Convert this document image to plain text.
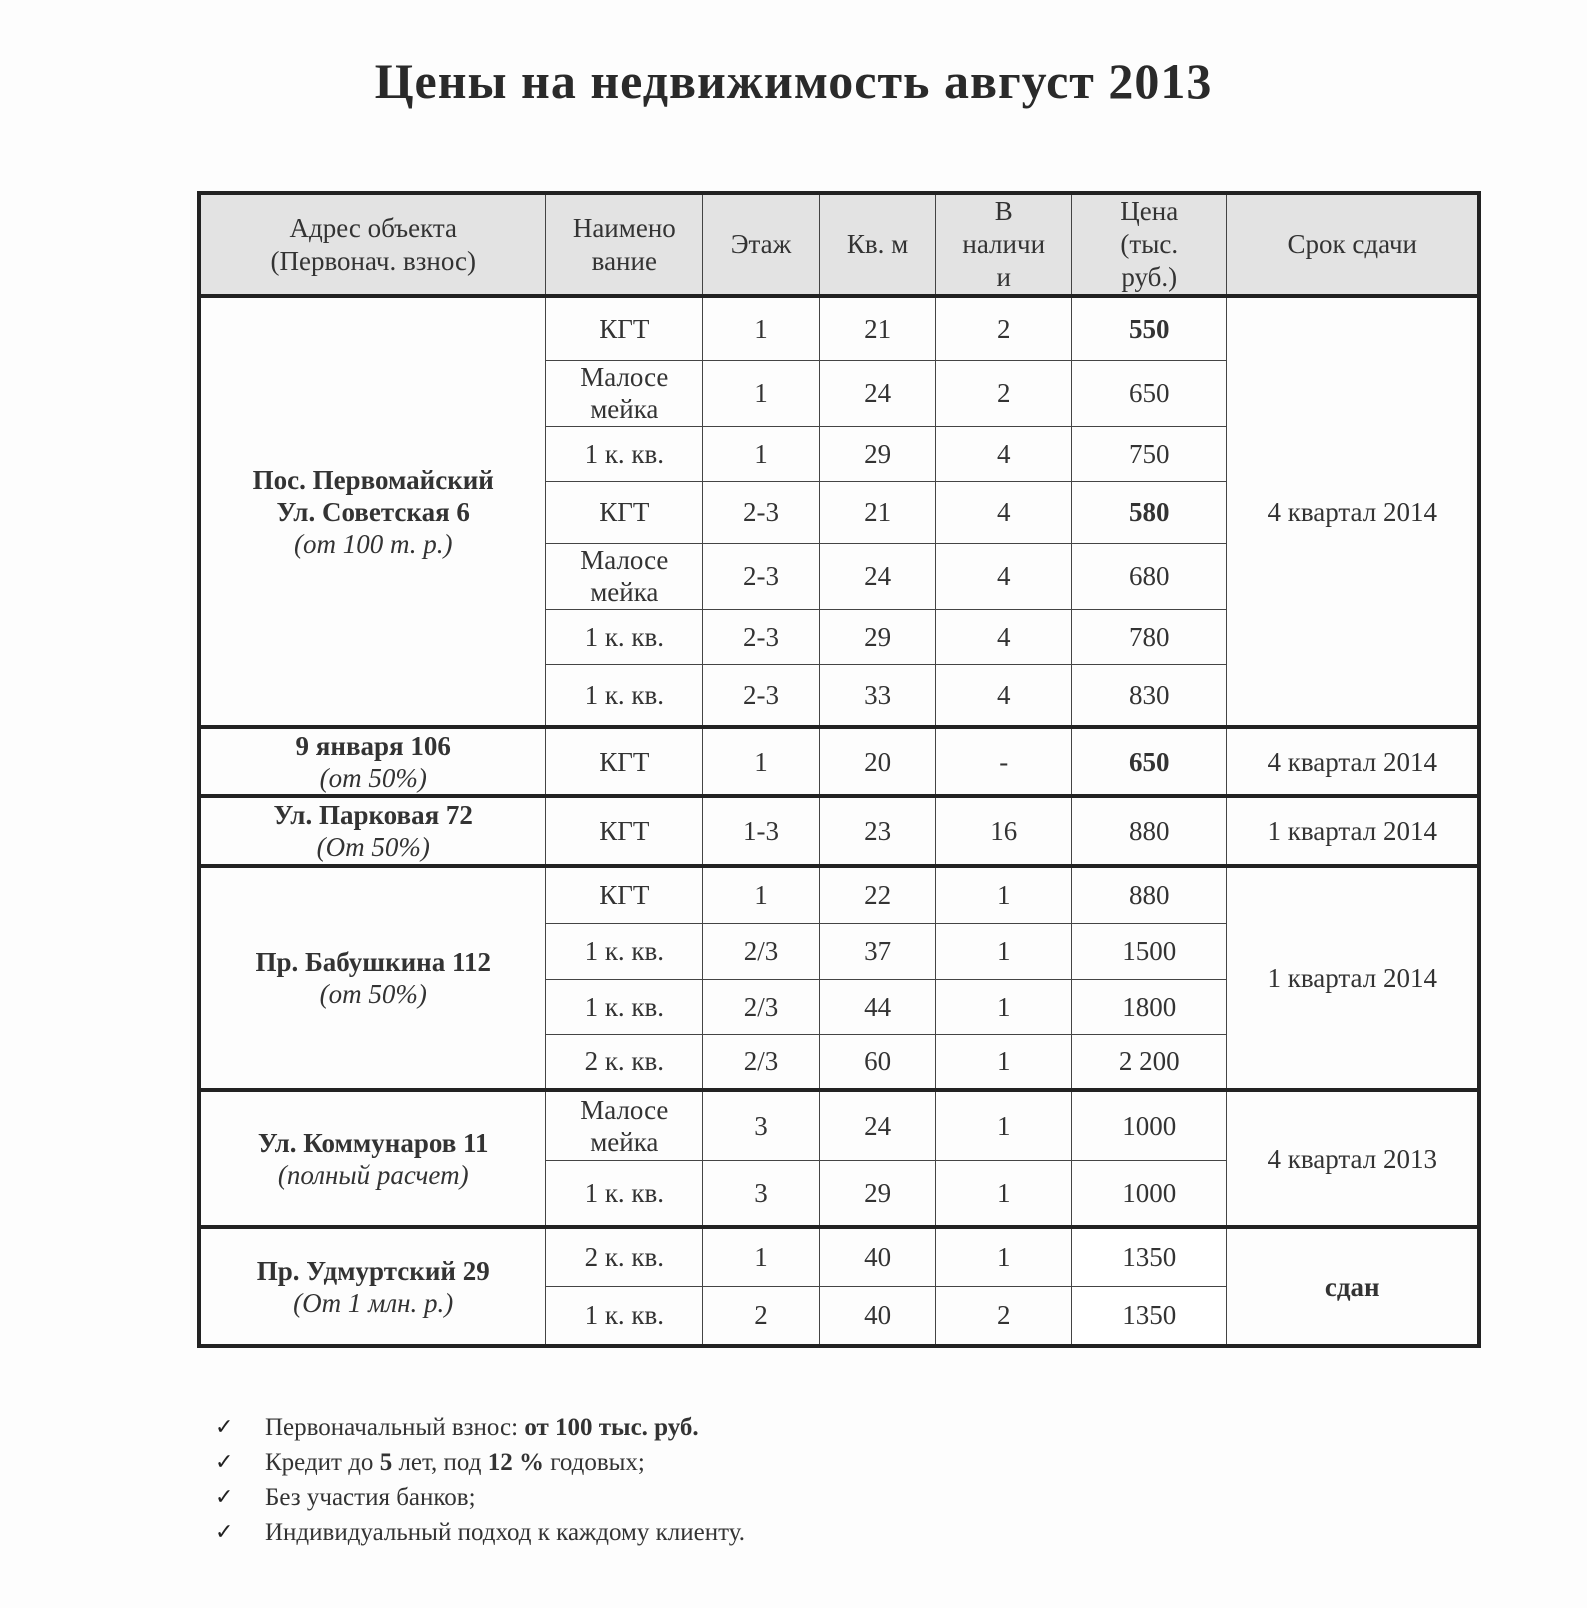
Цены на недвижимость август 2013
Адрес объекта
(Первонач. взнос)	Наимено
вание	Этаж	Кв. м	В
наличи
и	Цена
(тыс.
руб.)	Срок сдачи

Пос. Первомайский
Ул. Советская 6
(от 100 т. р.)	КГТ	1	21	2	550	4 квартал 2014
	Малосе
мейка	1	24	2	650	
	1 к. кв.	1	29	4	750	
	КГТ	2-3	21	4	580	
	Малосе
мейка	2-3	24	4	680	
	1 к. кв.	2-3	29	4	780	
	1 к. кв.	2-3	33	4	830	

9 января 106
(от 50%)	КГТ	1	20	-	650	4 квартал 2014

Ул. Парковая 72
(От 50%)	КГТ	1-3	23	16	880	1 квартал 2014

Пр. Бабушкина 112
(от 50%)	КГТ	1	22	1	880	1 квартал 2014
	1 к. кв.	2/3	37	1	1500	
	1 к. кв.	2/3	44	1	1800	
	2 к. кв.	2/3	60	1	2 200	

Ул. Коммунаров 11
(полный расчет)	Малосе
мейка	3	24	1	1000	4 квартал 2013
	1 к. кв.	3	29	1	1000	

Пр. Удмуртский 29
(От 1 млн. р.)	2 к. кв.	1	40	1	1350	сдан
	1 к. кв.	2	40	2	1350	
✓	Первоначальный взнос: от 100 тыс. руб.
✓	Кредит до 5 лет, под 12 % годовых;
✓	Без участия банков;
✓	Индивидуальный подход к каждому клиенту.
